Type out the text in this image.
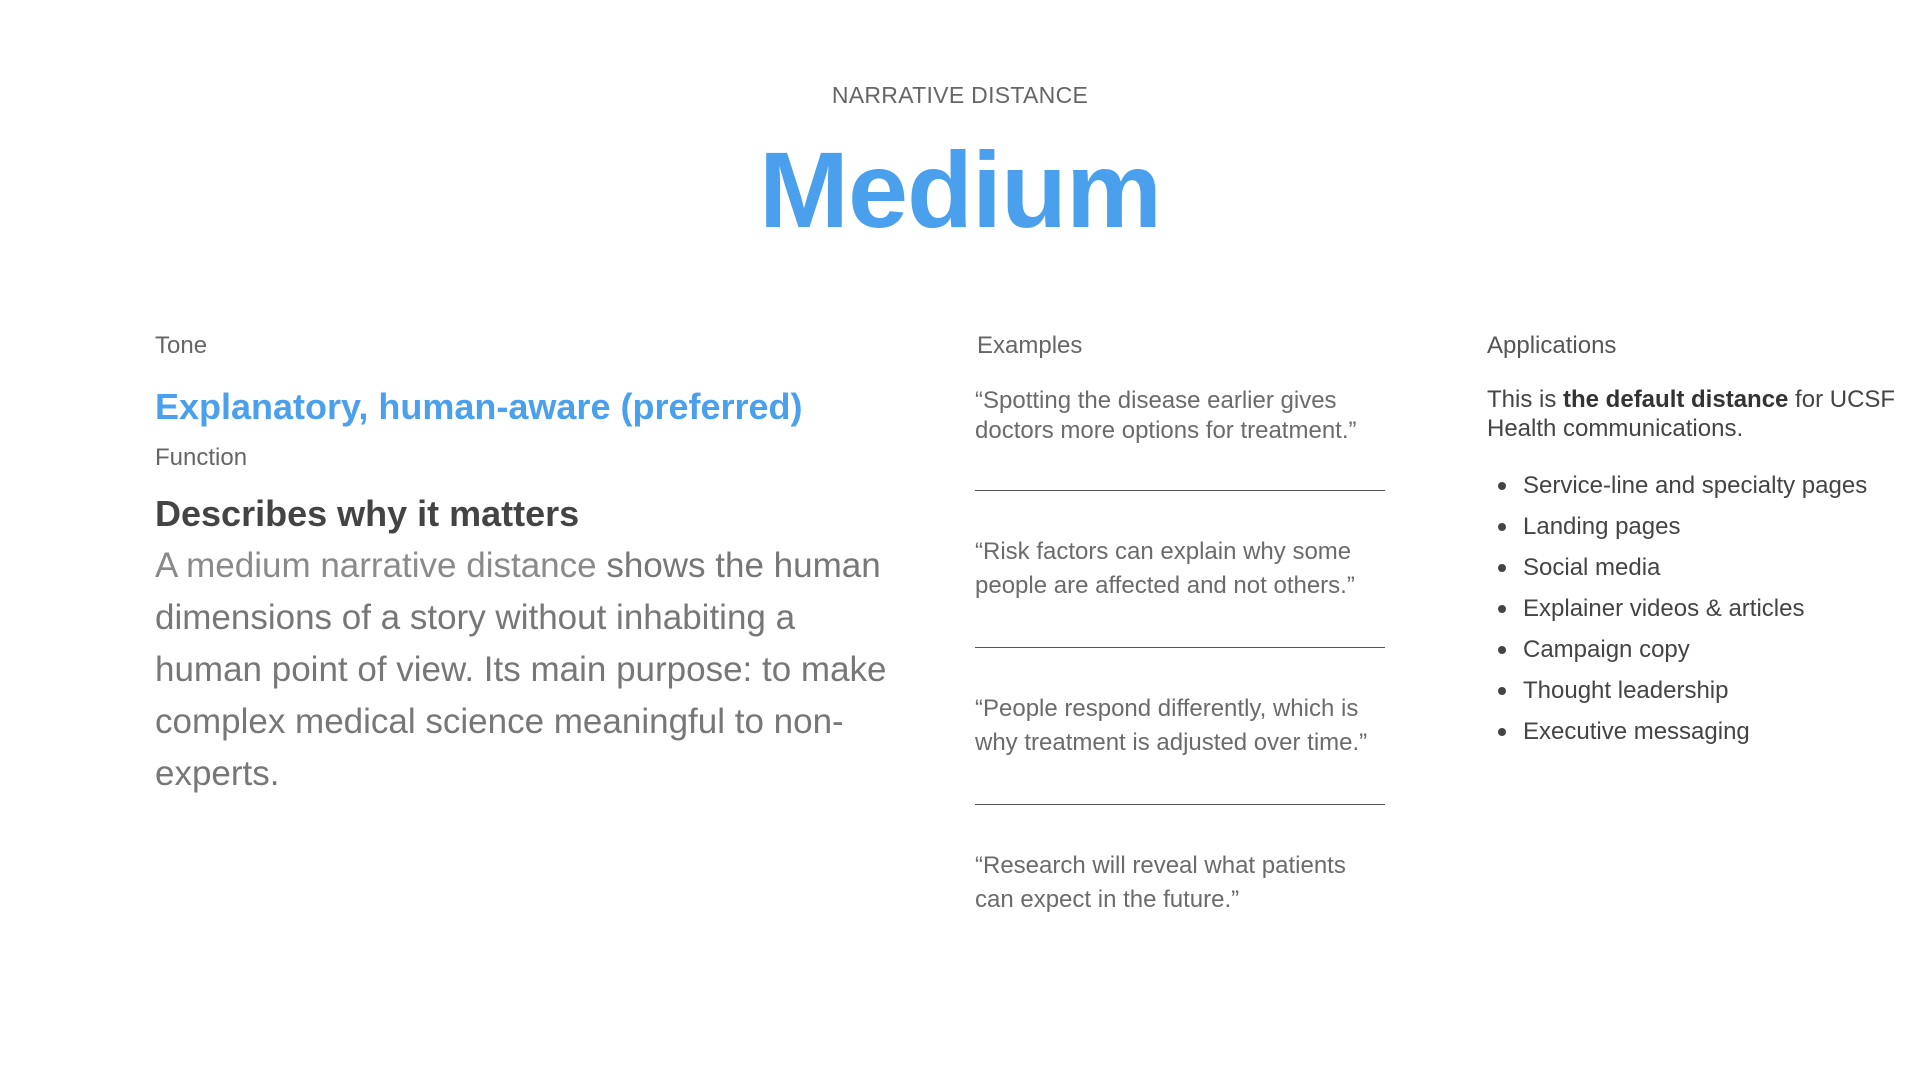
NARRATIVE DISTANCE
Medium
Tone
Explanatory, human-aware (preferred)
Function
Describes why it matters
A medium narrative distance shows the human dimensions of a story without inhabiting a human point of view. Its main purpose: to make complex medical science meaningful to non-experts.
Examples
“Spotting the disease earlier gives doctors more options for treatment.”
“Risk factors can explain why some people are affected and not others.”
“People respond differently, which is why treatment is adjusted over time.”
“Research will reveal what patients can expect in the future.”
Applications
This is the default distance for UCSF Health communications.
Service-line and specialty pages
Landing pages
Social media
Explainer videos & articles
Campaign copy
Thought leadership
Executive messaging
